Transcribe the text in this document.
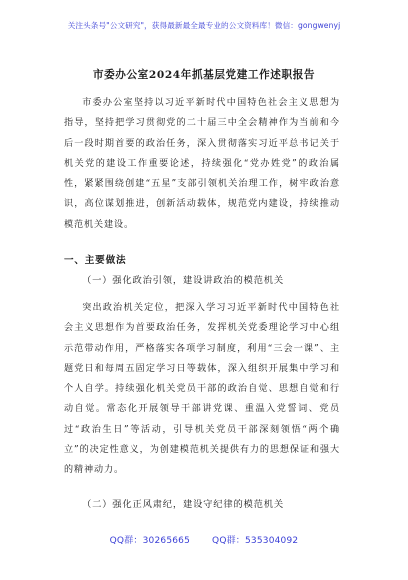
关注头条号"公文研究"，获得最新最全最专业的公文资料库！微信：gongwenyj
市委办公室2024年抓基层党建工作述职报告

市委办公室坚持以习近平新时代中国特色社会主义思想为指导，坚持把学习贯彻党的二十届三中全会精神作为当前和今后一段时期首要的政治任务，深入贯彻落实习近平总书记关于机关党的建设工作重要论述，持续强化“党办姓党”的政治属性，紧紧围绕创建“五星”支部引领机关治理工作，树牢政治意识，高位谋划推进，创新活动载体，规范党内建设，持续推动模范机关建设。

一、主要做法
（一）强化政治引领，建设讲政治的模范机关

突出政治机关定位，把深入学习习近平新时代中国特色社会主义思想作为首要政治任务，发挥机关党委理论学习中心组示范带动作用，严格落实各项学习制度，利用“三会一课”、主题党日和每周五固定学习日等载体，深入组织开展集中学习和个人自学。持续强化机关党员干部的政治自觉、思想自觉和行动自觉。常态化开展领导干部讲党课、重温入党誓词、党员过“政治生日”等活动，引导机关党员干部深刻领悟“两个确立”的决定性意义，为创建模范机关提供有力的思想保证和强大的精神动力。

（二）强化正风肃纪，建设守纪律的模范机关
QQ群：30265665 QQ群：535304092
